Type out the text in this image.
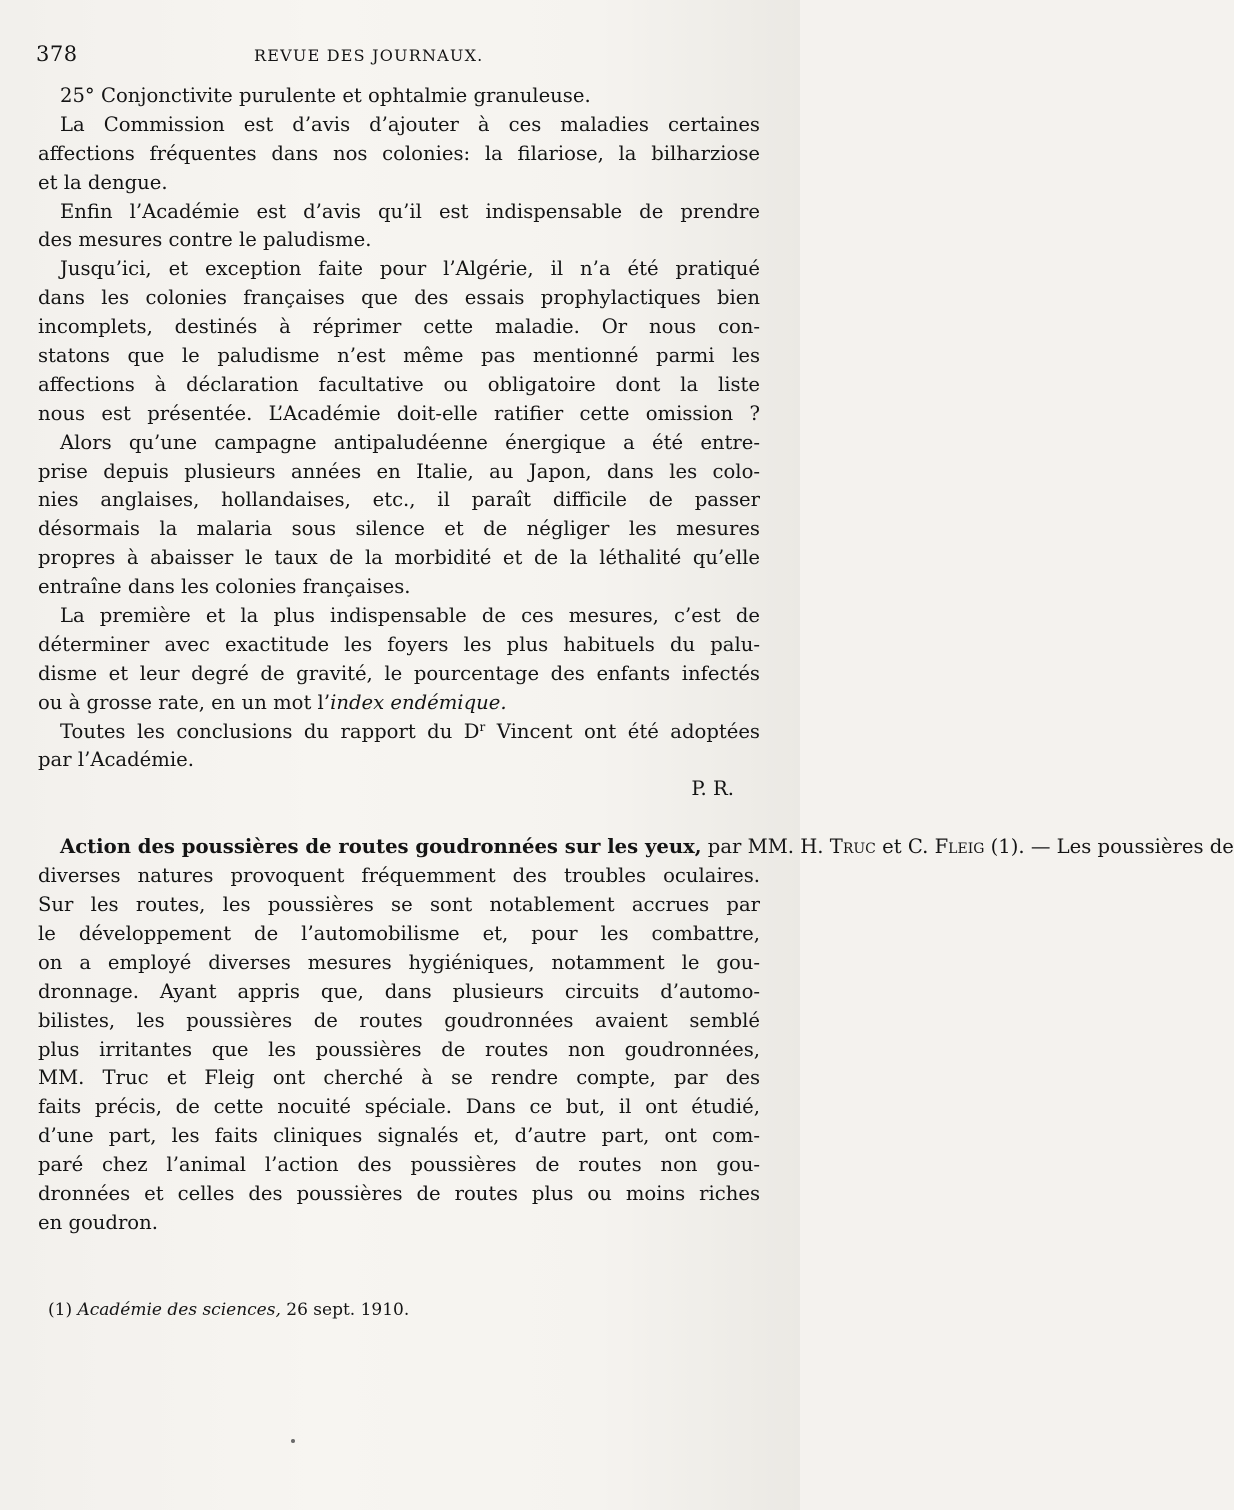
378	REVUE DES JOURNAUX.
25° Conjonctivite purulente et ophtalmie granuleuse.
La Commission est d’avis d’ajouter à ces maladies certaines
affections fréquentes dans nos colonies: la filariose, la bilharziose
et la dengue.
Enfin l’Académie est d’avis qu’il est indispensable de prendre
des mesures contre le paludisme.
Jusqu’ici, et exception faite pour l’Algérie, il n’a été pratiqué
dans les colonies françaises que des essais prophylactiques bien
incomplets, destinés à réprimer cette maladie. Or nous con-
statons que le paludisme n’est même pas mentionné parmi les
affections à déclaration facultative ou obligatoire dont la liste
nous est présentée. L’Académie doit-elle ratifier cette omission ?
Alors qu’une campagne antipaludéenne énergique a été entre-
prise depuis plusieurs années en Italie, au Japon, dans les colo-
nies anglaises, hollandaises, etc., il paraît difficile de passer
désormais la malaria sous silence et de négliger les mesures
propres à abaisser le taux de la morbidité et de la léthalité qu’elle
entraîne dans les colonies françaises.
La première et la plus indispensable de ces mesures, c’est de
déterminer avec exactitude les foyers les plus habituels du palu-
disme et leur degré de gravité, le pourcentage des enfants infectés
ou à grosse rate, en un mot l’index endémique.
Toutes les conclusions du rapport du $D^r$ Vincent ont été adoptées
par l’Académie.
P. R.
Action des poussières de routes goudronnées sur les yeux, par MM. H. Truc et C. Fleig (1). — Les poussières de
diverses natures provoquent fréquemment des troubles oculaires.
Sur les routes, les poussières se sont notablement accrues par
le développement de l’automobilisme et, pour les combattre,
on a employé diverses mesures hygiéniques, notamment le gou-
dronnage. Ayant appris que, dans plusieurs circuits d’automo-
bilistes, les poussières de routes goudronnées avaient semblé
plus irritantes que les poussières de routes non goudronnées,
MM. Truc et Fleig ont cherché à se rendre compte, par des
faits précis, de cette nocuité spéciale. Dans ce but, il ont étudié,
d’une part, les faits cliniques signalés et, d’autre part, ont com-
paré chez l’animal l’action des poussières de routes non gou-
dronnées et celles des poussières de routes plus ou moins riches
en goudron.
(1) Académie des sciences, 26 sept. 1910.
